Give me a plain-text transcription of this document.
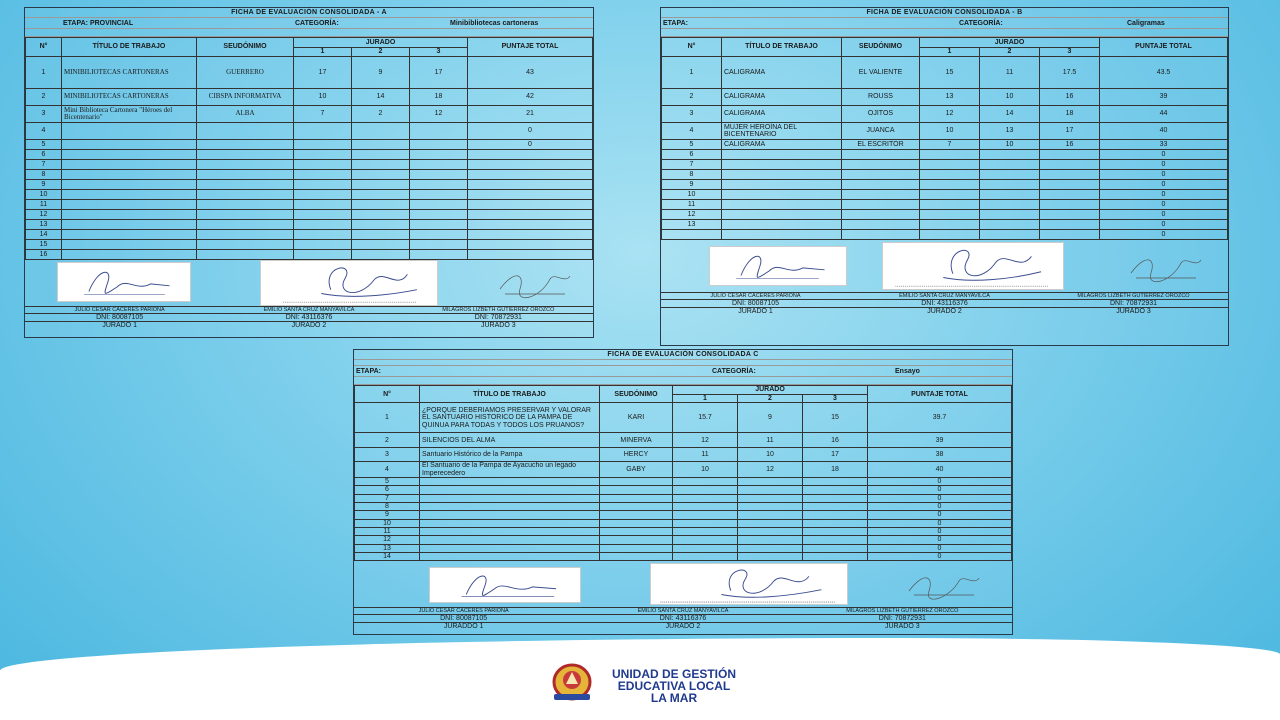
FICHA DE EVALUACIÓN CONSOLIDADA - A
ETAPA: PROVINCIAL	CATEGORÍA:	Minibibliotecas cartoneras
N°	TÍTULO DE TRABAJO	SEUDÓNIMO	JURADO			PUNTAJE TOTAL
			1	2	3	
1	MINIBILIOTECAS CARTONERAS	GUERRERO	17	9	17	43
2	MINIBILIOTECAS CARTONERAS	CIBSPA INFORMATIVA	10	14	18	42
3	Mini Biblioteca Cartonera "Héroes del Bicentenario"	ALBA	7	2	12	21
4						0
5						0
6						
7						
8						
9						
10						
11						
12						
13						
14						
15						
16						
JULIO CÉSAR CÁCERES PARIONA	EMILIO SANTA CRUZ MANYAVILCA	MILAGROS LIZBETH GUTIERREZ OROZCO
DNI: 80087105	DNI: 43116376	DNI: 70872931
JURADO 1	JURADO 2	JURADO 3
FICHA DE EVALUACIÓN CONSOLIDADA - B
ETAPA:	CATEGORÍA:	Caligramas
N°	TÍTULO DE TRABAJO	SEUDÓNIMO	JURADO			PUNTAJE TOTAL
			1	2	3	
1	CALIGRAMA	EL VALIENTE	15	11	17.5	43.5
2	CALIGRAMA	ROUSS	13	10	16	39
3	CALIGRAMA	OJITOS	12	14	18	44
4	MUJER HEROÍNA DEL BICENTENARIO	JUANCA	10	13	17	40
5	CALIGRAMA	EL ESCRITOR	7	10	16	33
6						0
7						0
8						0
9						0
10						0
11						0
12						0
13						0
						0
JULIO CÉSAR CÁCERES PARIONA	EMILIO SANTA CRUZ MANYAVILCA	MILAGROS LIZBETH GUTIERREZ OROZCO
DNI: 80087105	DNI: 43116376	DNI: 70872931
JURADO 1	JURADO 2	JURADO 3
FICHA DE EVALUACIÓN CONSOLIDADA C
ETAPA:	CATEGORÍA:	Ensayo
N°	TÍTULO DE TRABAJO	SEUDÓNIMO	JURADO			PUNTAJE TOTAL
			1	2	3	
1	¿PORQUE DEBERIAMOS PRESERVAR Y VALORAR EL SANTUARIO HISTORICO DE LA PAMPA DE QUINUA PARA TODAS Y TODOS LOS PRUANOS?	KARI	15.7	9	15	39.7
2	SILENCIOS DEL ALMA	MINERVA	12	11	16	39
3	Santuario Histórico de la Pampa	HERCY	11	10	17	38
4	El Santuario de la Pampa de Ayacucho un legado Imperecedero	GABY	10	12	18	40
5						0
6						0
7						0
8						0
9						0
10						0
11						0
12						0
13						0
14						0
JULIO CÉSAR CÁCERES PARIONA	EMILIO SANTA CRUZ MANYAVILCA	MILAGROS LIZBETH GUTIERREZ OROZCO
DNI: 80087105	DNI: 43116376	DNI: 70872931
JURADDO 1	JURADO 2	JURADO 3
UNIDAD DE GESTIÓN
EDUCATIVA LOCAL
LA MAR
